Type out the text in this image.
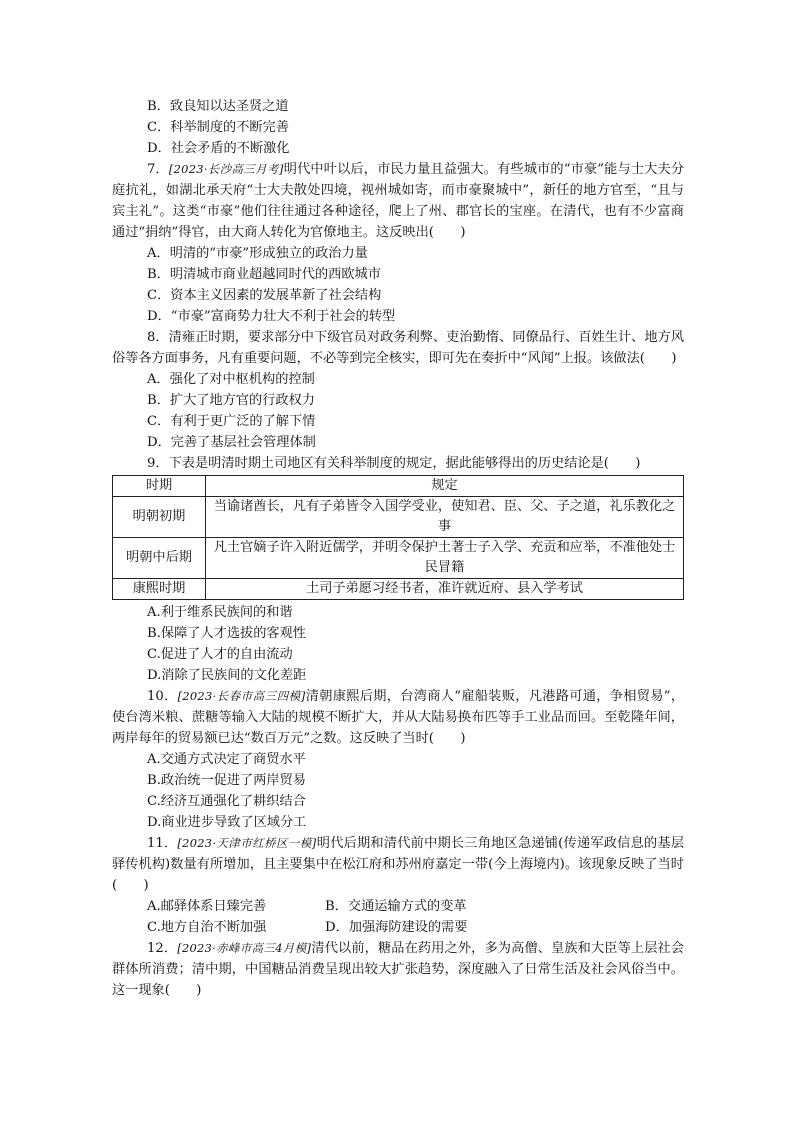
B．致良知以达圣贤之道
C．科举制度的不断完善
D．社会矛盾的不断激化
7．[2023·长沙高三月考]明代中叶以后，市民力量且益强大。有些城市的“市豪”能与士大夫分庭抗礼，如湖北承天府“士大夫散处四境，视州城如寄，而市豪聚城中”，新任的地方官至，“且与宾主礼”。这类“市豪”他们往往通过各种途径，爬上了州、郡官长的宝座。在清代，也有不少富商通过“捐纳”得官，由大商人转化为官僚地主。这反映出(　　)
A．明清的“市豪”形成独立的政治力量
B．明清城市商业超越同时代的西欧城市
C．资本主义因素的发展革新了社会结构
D．“市豪”富商势力壮大不利于社会的转型
8．清雍正时期，要求部分中下级官员对政务利弊、吏治勤惰、同僚品行、百姓生计、地方风俗等各方面事务，凡有重要问题，不必等到完全核实，即可先在奏折中“风闻”上报。该做法(　　)
A．强化了对中枢机构的控制
B．扩大了地方官的行政权力
C．有利于更广泛的了解下情
D．完善了基层社会管理体制
9．下表是明清时期土司地区有关科举制度的规定，据此能够得出的历史结论是(　　)
时期	规定
明朝初期	当谕诸酋长，凡有子弟皆令入国学受业，使知君、臣、父、子之道，礼乐教化之事
明朝中后期	凡土官嫡子许入附近儒学，并明令保护土著士子入学、充贡和应举，不准他处士民冒籍
康熙时期	土司子弟愿习经书者，准许就近府、县入学考试
A.利于维系民族间的和谐
B.保障了人才选拔的客观性
C.促进了人才的自由流动
D.消除了民族间的文化差距
10．[2023·长春市高三四模]清朝康熙后期，台湾商人“雇船装贩，凡港路可通，争相贸易”，使台湾米粮、蔗糖等输入大陆的规模不断扩大，并从大陆易换布匹等手工业品而回。至乾隆年间，两岸每年的贸易额已达“数百万元”之数。这反映了当时(　　)
A.交通方式决定了商贸水平
B.政治统一促进了两岸贸易
C.经济互通强化了耕织结合
D.商业进步导致了区域分工
11．[2023·天津市红桥区一模]明代后期和清代前中期长三角地区急递铺(传递军政信息的基层驿传机构)数量有所增加，且主要集中在松江府和苏州府嘉定一带(今上海境内)。该现象反映了当时(　　)
A.邮驿体系日臻完善	B．交通运输方式的变革
C.地方自治不断加强	D．加强海防建设的需要
12．[2023·赤峰市高三4月模]清代以前，糖品在药用之外，多为高僧、皇族和大臣等上层社会群体所消费；清中期，中国糖品消费呈现出较大扩张趋势，深度融入了日常生活及社会风俗当中。这一现象(　　)
